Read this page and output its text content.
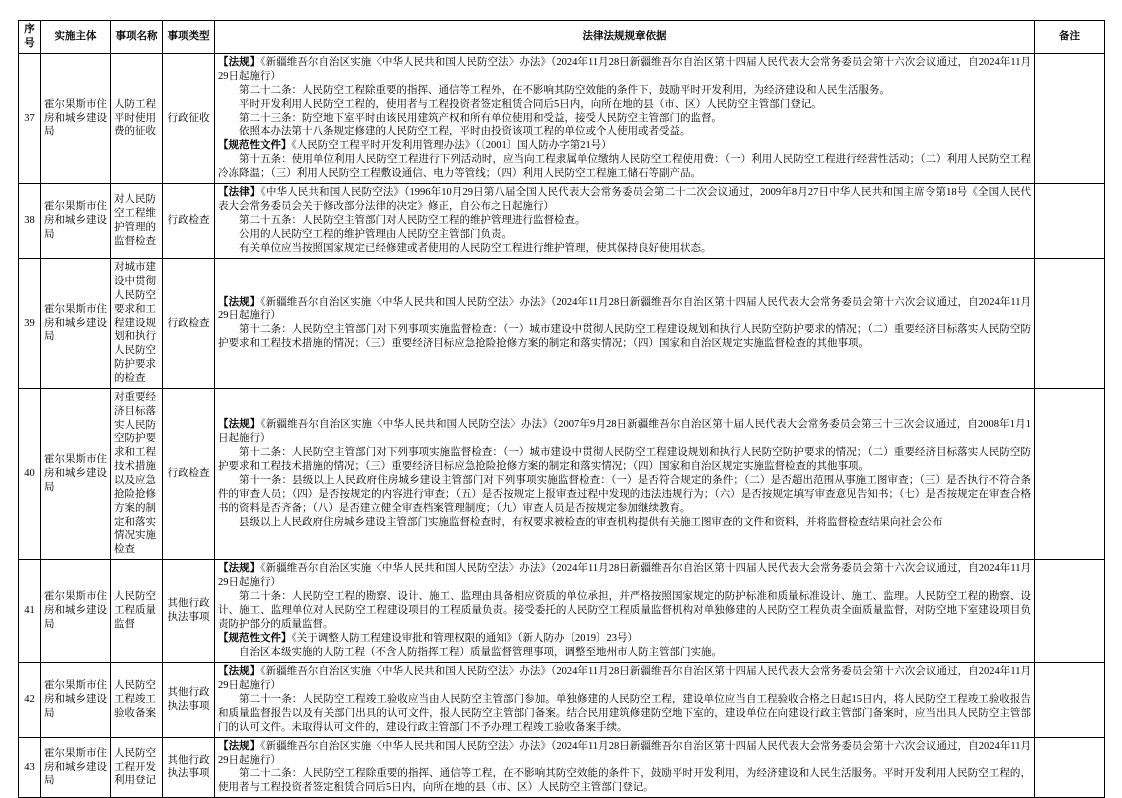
序号	实施主体	事项名称	事项类型	法律法规规章依据	备注
37	霍尔果斯市住房和城乡建设局	人防工程平时使用费的征收	行政征收	
【法规】《新疆维吾尔自治区实施〈中华人民共和国人民防空法〉办法》（2024年11月28日新疆维吾尔自治区第十四届人民代表大会常务委员会第十六次会议通过，自2024年11月29日起施行）
第二十二条：人民防空工程除重要的指挥、通信等工程外，在不影响其防空效能的条件下，鼓励平时开发利用，为经济建设和人民生活服务。
平时开发利用人民防空工程的，使用者与工程投资者签定租赁合同后5日内，向所在地的县（市、区）人民防空主管部门登记。
第二十三条：防空地下室平时由该民用建筑产权和所有单位使用和受益，接受人民防空主管部门的监督。
依照本办法第十八条规定修建的人民防空工程，平时由投资该项工程的单位或个人使用或者受益。
【规范性文件】《人民防空工程平时开发利用管理办法》（〔2001〕国人防办字第21号）
第十五条：使用单位利用人民防空工程进行下列活动时，应当向工程隶属单位缴纳人民防空工程使用费：（一）利用人民防空工程进行经营性活动；（二）利用人民防空工程冷冻降温；（三）利用人民防空工程敷设通信、电力等管线；（四）利用人民防空工程施工储石等副产品。

38	霍尔果斯市住房和城乡建设局	对人民防空工程维护管理的监督检查	行政检查	【法律】《中华人民共和国人民防空法》（1996年10月29日第八届全国人民代表大会常务委员会第二十二次会议通过，2009年8月27日中华人民共和国主席令第18号《全国人民代表大会常务委员会关于修改部分法律的决定》修正，自公布之日起施行）
第二十五条：人民防空主管部门对人民防空工程的维护管理进行监督检查。
公用的人民防空工程的维护管理由人民防空主管部门负责。
有关单位应当按照国家规定已经修建或者使用的人民防空工程进行维护管理，使其保持良好使用状态。	

39	霍尔果斯市住房和城乡建设局	对城市建设中贯彻人民防空要求和工程建设规划和执行人民防空防护要求的检查	行政检查	【法规】《新疆维吾尔自治区实施〈中华人民共和国人民防空法〉办法》（2024年11月28日新疆维吾尔自治区第十四届人民代表大会常务委员会第十六次会议通过，自2024年11月29日起施行）
第十二条：人民防空主管部门对下列事项实施监督检查：（一）城市建设中贯彻人民防空工程建设规划和执行人民防空防护要求的情况；（二）重要经济目标落实人民防空防护要求和工程技术措施的情况；（三）重要经济目标应急抢险抢修方案的制定和落实情况；（四）国家和自治区规定实施监督检查的其他事项。	

40	霍尔果斯市住房和城乡建设局	对重要经济目标落实人民防空防护要求和工程技术措施以及应急抢险抢修方案的制定和落实情况实施检查	行政检查	【法规】《新疆维吾尔自治区实施〈中华人民共和国人民防空法〉办法》（2007年9月28日新疆维吾尔自治区第十届人民代表大会常务委员会第三十三次会议通过，自2008年1月1日起施行）
第十二条：人民防空主管部门对下列事项实施监督检查：（一）城市建设中贯彻人民防空工程建设规划和执行人民防空防护要求的情况；（二）重要经济目标落实人民防空防护要求和工程技术措施的情况；（三）重要经济目标应急抢险抢修方案的制定和落实情况；（四）国家和自治区规定实施监督检查的其他事项。
第十一条：县级以上人民政府住房城乡建设主管部门对下列事项实施监督检查：（一）是否符合规定的条件；（二）是否超出范围从事施工图审查；（三）是否执行不符合条件的审查人员；（四）是否按规定的内容进行审查；（五）是否按规定上报审查过程中发现的违法违规行为；（六）是否按规定填写审查意见告知书；（七）是否按规定在审查合格书的资料是否齐备；（八）是否建立健全审查档案管理制度；（九）审查人员是否按规定参加继续教育。
县级以上人民政府住房城乡建设主管部门实施监督检查时，有权要求被检查的审查机构提供有关施工图审查的文件和资料，并将监督检查结果向社会公布	

41	霍尔果斯市住房和城乡建设局	人民防空工程质量监督	其他行政执法事项	【法规】《新疆维吾尔自治区实施〈中华人民共和国人民防空法〉办法》（2024年11月28日新疆维吾尔自治区第十四届人民代表大会常务委员会第十六次会议通过，自2024年11月29日起施行）
第二十条：人民防空工程的勘察、设计、施工、监理由具备相应资质的单位承担，并严格按照国家规定的防护标准和质量标准设计、施工、监理。人民防空工程的勘察、设计、施工、监理单位对人民防空工程建设项目的工程质量负责。接受委托的人民防空工程质量监督机构对单独修建的人民防空工程负责全面质量监督，对防空地下室建设项目负责防护部分的质量监督。
【规范性文件】《关于调整人防工程建设审批和管理权限的通知》（新人防办〔2019〕23号）
自治区本级实施的人防工程（不含人防指挥工程）质量监督管理事项，调整至地州市人防主管部门实施。	

42	霍尔果斯市住房和城乡建设局	人民防空工程竣工验收备案	其他行政执法事项	【法规】《新疆维吾尔自治区实施〈中华人民共和国人民防空法〉办法》（2024年11月28日新疆维吾尔自治区第十四届人民代表大会常务委员会第十六次会议通过，自2024年11月29日起施行）
第二十一条：人民防空工程竣工验收应当由人民防空主管部门参加。单独修建的人民防空工程，建设单位应当自工程验收合格之日起15日内，将人民防空工程竣工验收报告和质量监督报告以及有关部门出具的认可文件，报人民防空主管部门备案。结合民用建筑修建防空地下室的，建设单位在向建设行政主管部门备案时，应当出具人民防空主管部门的认可文件。未取得认可文件的，建设行政主管部门不予办理工程竣工验收备案手续。	

43	霍尔果斯市住房和城乡建设局	人民防空工程开发利用登记	其他行政执法事项	【法规】《新疆维吾尔自治区实施〈中华人民共和国人民防空法〉办法》（2024年11月28日新疆维吾尔自治区第十四届人民代表大会常务委员会第十六次会议通过，自2024年11月29日起施行）
第二十二条：人民防空工程除重要的指挥、通信等工程，在不影响其防空效能的条件下，鼓励平时开发利用，为经济建设和人民生活服务。平时开发利用人民防空工程的，使用者与工程投资者签定租赁合同后5日内，向所在地的县（市、区）人民防空主管部门登记。	
